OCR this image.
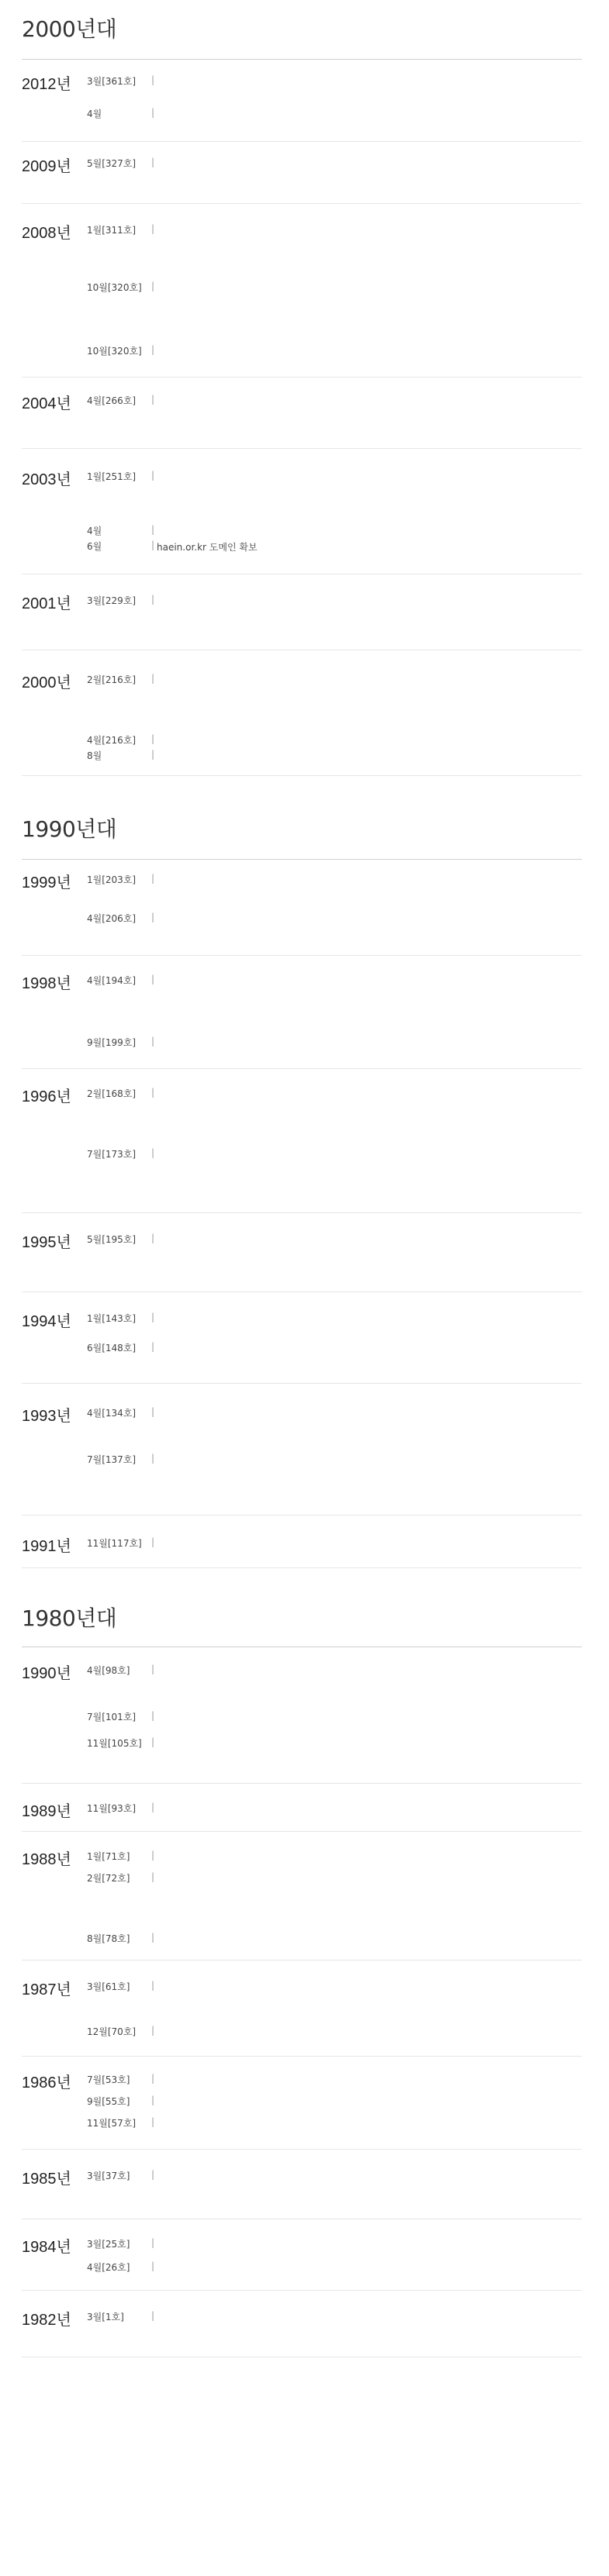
2000년대
2012년 3월[361호]	|
4월	|
2009년 5월[327호]	|
2008년 1월[311호]	|
10월[320호]	|
10월[320호]	|
2004년 4월[266호]	|
2003년 1월[251호]	|
4월	|
6월	| haein.or.kr 도메인 확보
2001년 3월[229호]	|
2000년 2월[216호]	|
4월[216호]	|
8월	|
1990년대
1999년 1월[203호]	|
4월[206호]	|
1998년 4월[194호]	|
9월[199호]	|
1996년 2월[168호]	|
7월[173호]	|
1995년 5월[195호]	|
1994년 1월[143호]	|
6월[148호]	|
1993년 4월[134호]	|
7월[137호]	|
1991년 11월[117호]	|
1980년대
1990년 4월[98호]	|
7월[101호]	|
11월[105호]	|
1989년 11월[93호]	|
1988년 1월[71호]	|
2월[72호]	|
8월[78호]	|
1987년 3월[61호]	|
12월[70호]	|
1986년 7월[53호]	|
9월[55호]	|
11월[57호]	|
1985년 3월[37호]	|
1984년 3월[25호]	|
4월[26호]	|
1982년 3월[1호]	|
